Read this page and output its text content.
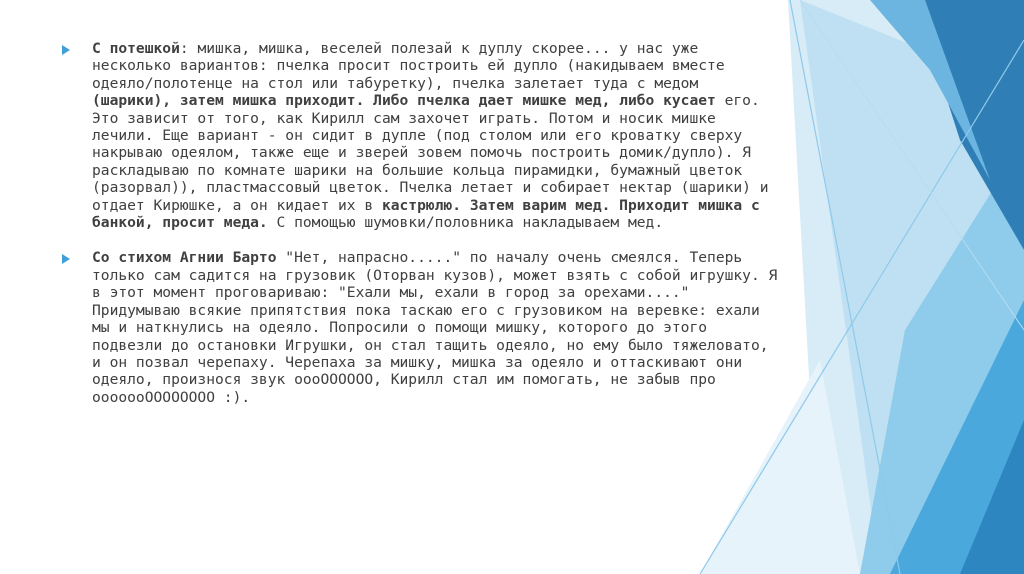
С потешкой: мишка, мишка, веселей полезай к дуплу скорее... у нас уже несколько вариантов: пчелка просит построить ей дупло (накидываем вместе одеяло/полотенце на стол или табуретку), пчелка залетает туда с медом (шарики), затем мишка приходит. Либо пчелка дает мишке мед, либо кусает его. Это зависит от того, как Кирилл сам захочет играть. Потом и носик мишке лечили. Еще вариант - он сидит в дупле (под столом или его кроватку сверху накрываю одеялом, также еще и зверей зовем помочь построить домик/дупло). Я раскладываю по комнате шарики на большие кольца пирамидки, бумажный цветок (разорвал)), пластмассовый цветок. Пчелка летает и собирает нектар (шарики) и отдает Кирюшке, а он кидает их в кастрюлю. Затем варим мед. Приходит мишка с банкой, просит меда. С помощью шумовки/половника накладываем мед.
Со стихом Агнии Барто "Нет, напрасно....." по началу очень смеялся. Теперь только сам садится на грузовик (Оторван кузов), может взять с собой игрушку. Я в этот момент проговариваю: "Ехали мы, ехали в город за орехами...." Придумываю всякие припятствия пока таскаю его с грузовиком на веревке: ехали мы и наткнулись на одеяло. Попросили о помощи мишку, которого до этого подвезли до остановки Игрушки, он стал тащить одеяло, но ему было тяжеловато, и он позвал черепаху. Черепаха за мишку, мишка за одеяло и оттаскивают они одеяло, произнося звук оооОООООО, Кирилл стал им помогать, не забыв про ооооооОООООООО :).
